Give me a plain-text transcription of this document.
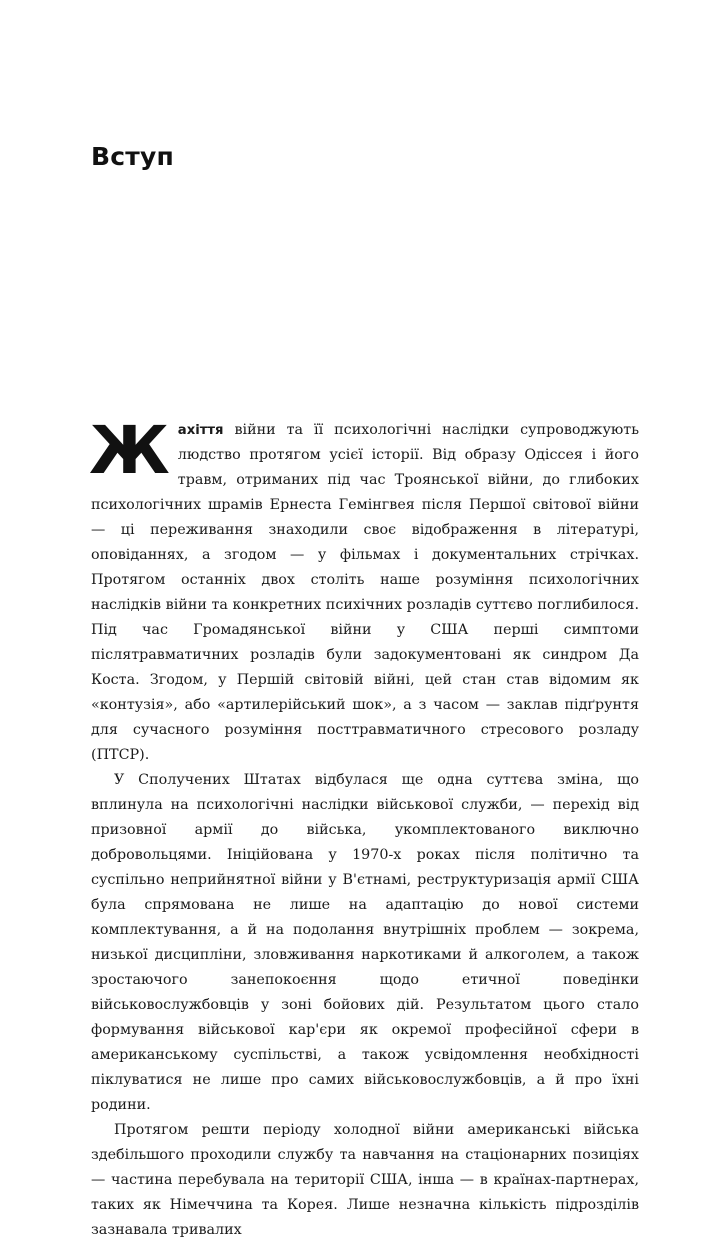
Вступ

Жахіття війни та її психологічні наслідки супроводжують людство протягом усієї історії. Від образу Одіссея і його травм, отриманих під час Троянської війни, до глибоких психологічних шрамів Ернеста Гемінгвея після Першої світової війни — ці переживання знаходили своє відображення в літературі, оповіданнях, а згодом — у фільмах і документальних стрічках. Протягом останніх двох століть наше розуміння психологічних наслідків війни та конкретних психічних розладів суттєво поглибилося. Під час Громадянської війни у США перші симптоми післятравматичних розладів були задокументовані як синдром Да Коста. Згодом, у Першій світовій війні, цей стан став відомим як «контузія», або «артилерійський шок», а з часом — заклав підґрунтя для сучасного розуміння посттравматичного стресового розладу (ПТСР).

У Сполучених Штатах відбулася ще одна суттєва зміна, що вплинула на психологічні наслідки військової служби, — перехід від призовної армії до війська, укомплектованого виключно добровольцями. Ініційована у 1970-х роках після політично та суспільно неприйнятної війни у В'єтнамі, реструктуризація армії США була спрямована не лише на адаптацію до нової системи комплектування, а й на подолання внутрішніх проблем — зокрема, низької дисципліни, зловживання наркотиками й алкоголем, а також зростаючого занепокоєння щодо етичної поведінки військовослужбовців у зоні бойових дій. Результатом цього стало формування військової кар'єри як окремої професійної сфери в американському суспільстві, а також усвідомлення необхідності піклуватися не лише про самих військовослужбовців, а й про їхні родини.

Протягом решти періоду холодної війни американські війська здебільшого проходили службу та навчання на стаціонарних позиціях — частина перебувала на території США, інша — в країнах-партнерах, таких як Німеччина та Корея. Лише незначна кількість підрозділів зазнавала тривалих
